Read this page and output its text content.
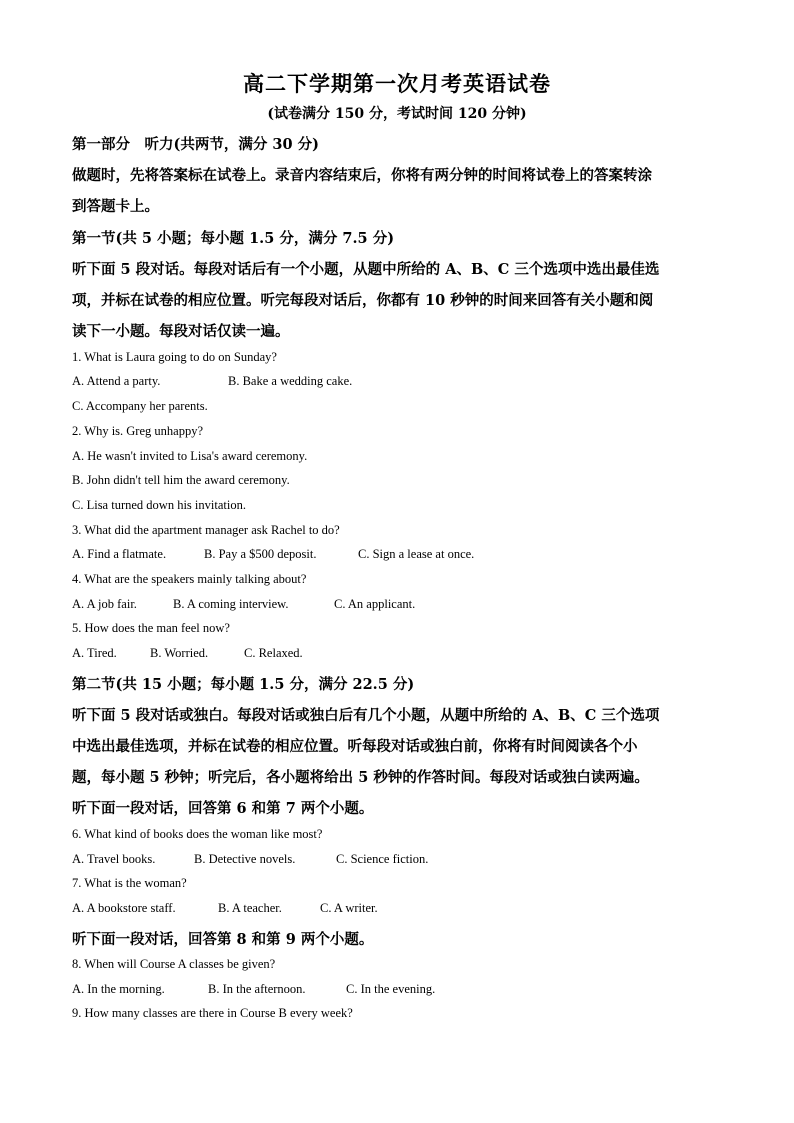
高二下学期第一次月考英语试卷
(试卷满分 150 分，考试时间 120 分钟)
第一部分　听力(共两节，满分 30 分)
做题时，先将答案标在试卷上。录音内容结束后，你将有两分钟的时间将试卷上的答案转涂
到答题卡上。
第一节(共 5 小题；每小题 1.5 分，满分 7.5 分)
听下面 5 段对话。每段对话后有一个小题，从题中所给的 A、B、C 三个选项中选出最佳选
项，并标在试卷的相应位置。听完每段对话后，你都有 10 秒钟的时间来回答有关小题和阅
读下一小题。每段对话仅读一遍。
1. What is Laura going to do on Sunday?
A. Attend a party.	B. Bake a wedding cake.
C. Accompany her parents.
2. Why is. Greg unhappy?
A. He wasn't invited to Lisa's award ceremony.
B. John didn't tell him the award ceremony.
C. Lisa turned down his invitation.
3. What did the apartment manager ask Rachel to do?
A. Find a flatmate.	B. Pay a $500 deposit.	C. Sign a lease at once.
4. What are the speakers mainly talking about?
A. A job fair.	B. A coming interview.	C. An applicant.
5. How does the man feel now?
A. Tired.	B. Worried.	C. Relaxed.
第二节(共 15 小题；每小题 1.5 分，满分 22.5 分)
听下面 5 段对话或独白。每段对话或独白后有几个小题，从题中所给的 A、B、C 三个选项
中选出最佳选项，并标在试卷的相应位置。听每段对话或独白前，你将有时间阅读各个小
题，每小题 5 秒钟；听完后，各小题将给出 5 秒钟的作答时间。每段对话或独白读两遍。
听下面一段对话，回答第 6 和第 7 两个小题。
6. What kind of books does the woman like most?
A. Travel books.	B. Detective novels.	C. Science fiction.
7. What is the woman?
A. A bookstore staff.	B. A teacher.	C. A writer.
听下面一段对话，回答第 8 和第 9 两个小题。
8. When will Course A classes be given?
A. In the morning.	B. In the afternoon.	C. In the evening.
9. How many classes are there in Course B every week?
